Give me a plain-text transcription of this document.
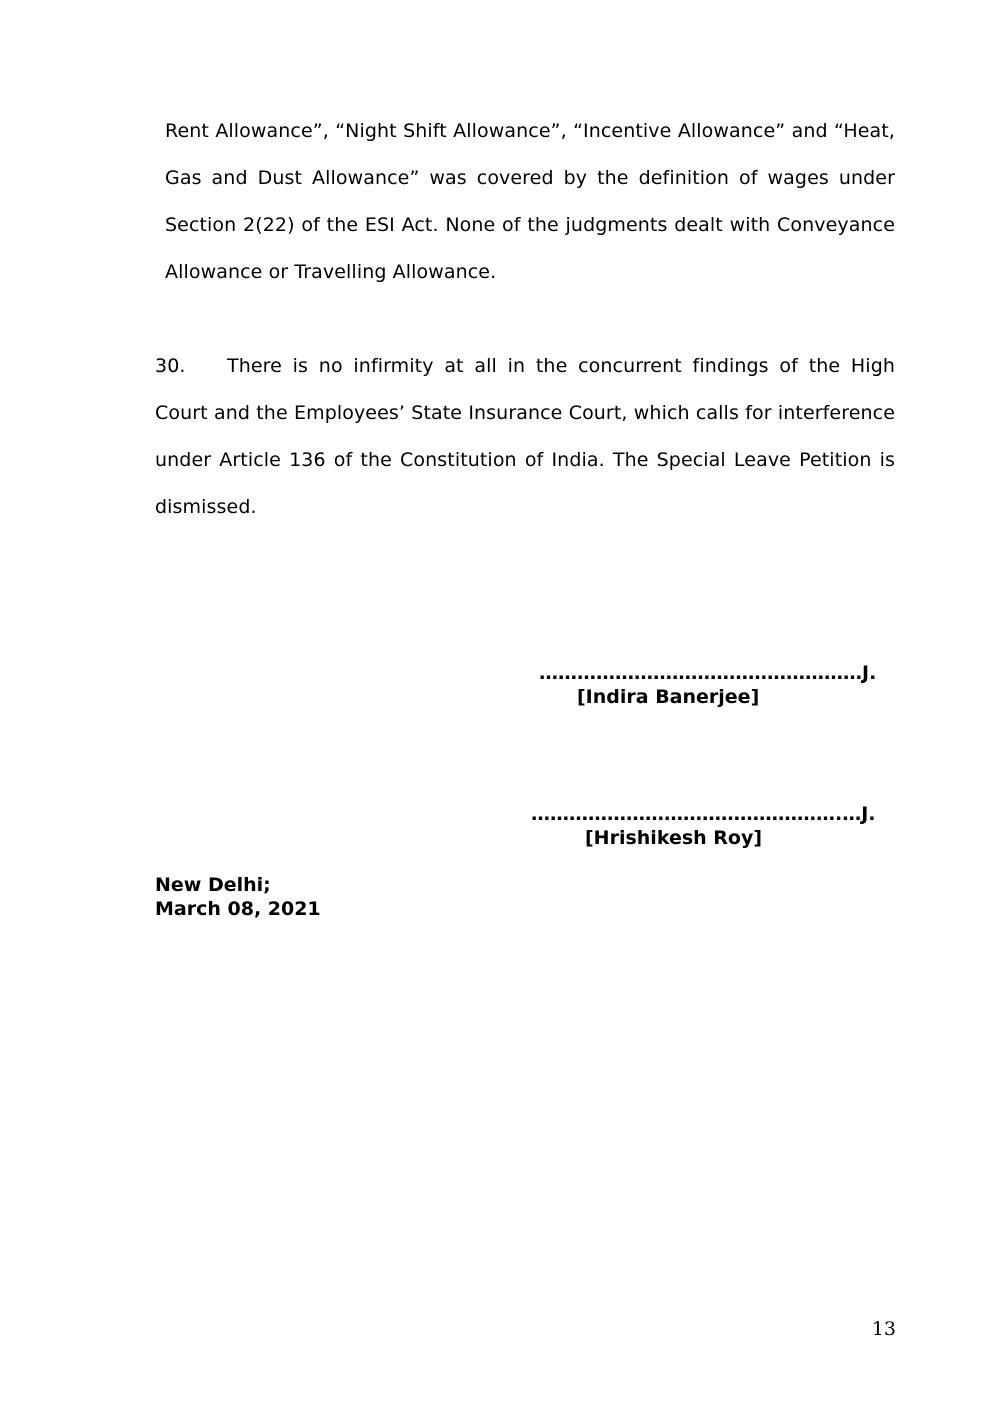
Rent Allowance”, “Night Shift Allowance”, “Incentive Allowance” and “Heat, Gas and Dust Allowance” was covered by the definition of wages under Section 2(22) of the ESI Act. None of the judgments dealt with Conveyance Allowance or Travelling Allowance.

30. There is no infirmity at all in the concurrent findings of the High Court and the Employees’ State Insurance Court, which calls for interference under Article 136 of the Constitution of India. The Special Leave Petition is dismissed.

……………………………………………J.
[Indira Banerjee]
………………………………………….…J.
[Hrishikesh Roy]
New Delhi;
March 08, 2021
13
